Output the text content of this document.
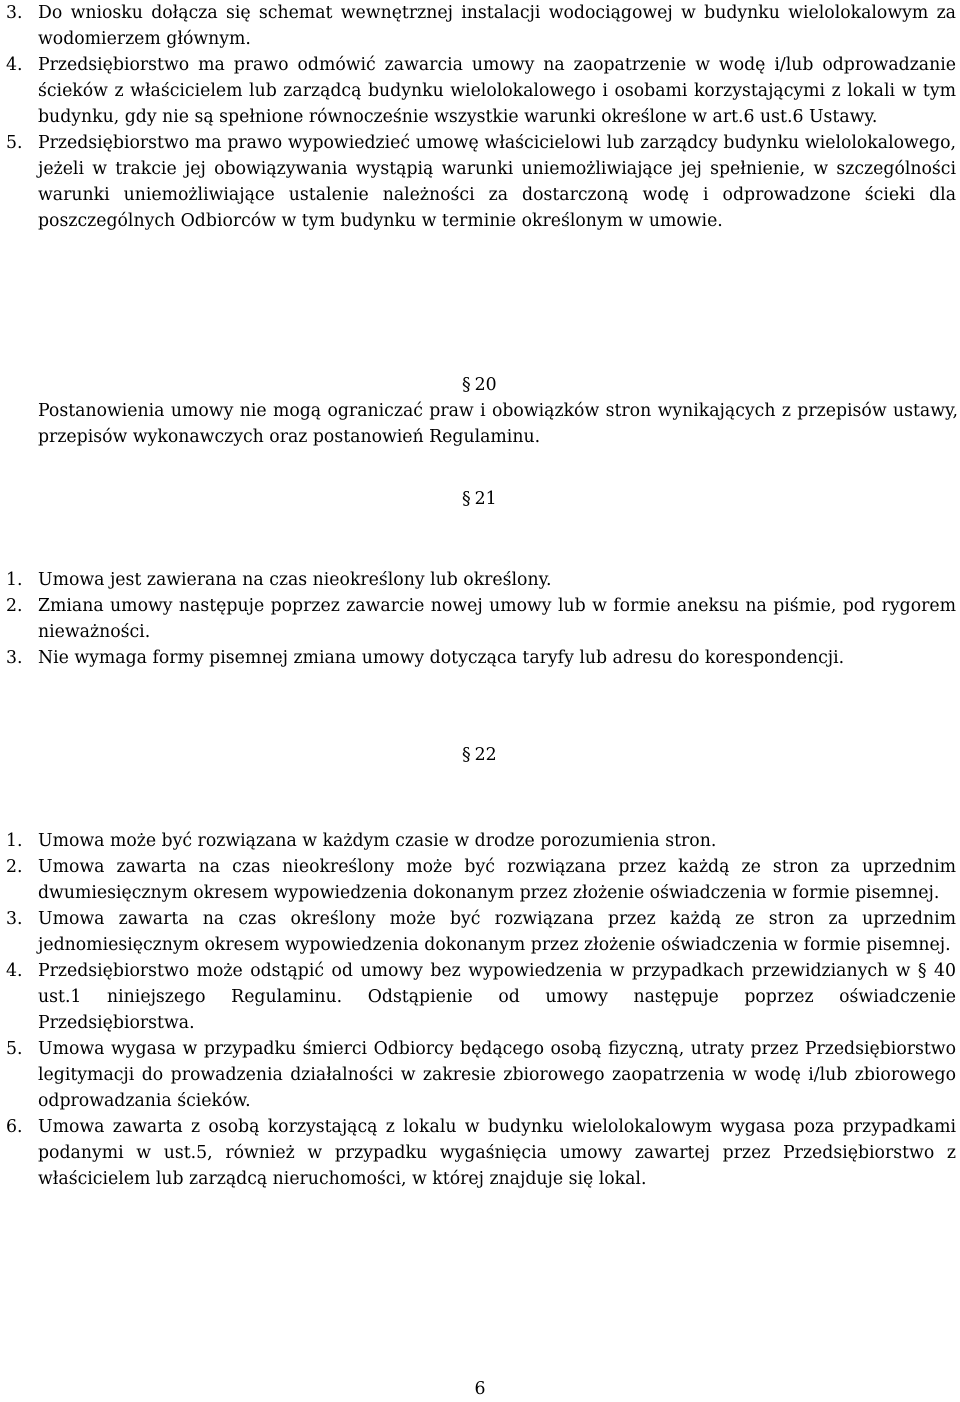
3. Do wniosku dołącza się schemat wewnętrznej instalacji wodociągowej w budynku wielolokalowym za wodomierzem głównym.
4. Przedsiębiorstwo ma prawo odmówić zawarcia umowy na zaopatrzenie w wodę i/lub odprowadzanie ścieków z właścicielem lub zarządcą budynku wielolokalowego i osobami korzystającymi z lokali w tym budynku, gdy nie są spełnione równocześnie wszystkie warunki określone w art.6 ust.6 Ustawy.
5. Przedsiębiorstwo ma prawo wypowiedzieć umowę właścicielowi lub zarządcy budynku wielolokalowego, jeżeli w trakcie jej obowiązywania wystąpią warunki uniemożliwiające jej spełnienie, w szczególności warunki uniemożliwiające ustalenie należności za dostarczoną wodę i odprowadzone ścieki dla poszczególnych Odbiorców w tym budynku w terminie określonym w umowie.
§ 20
Postanowienia umowy nie mogą ograniczać praw i obowiązków stron wynikających z przepisów ustawy, przepisów wykonawczych oraz postanowień Regulaminu.
§ 21
1. Umowa jest zawierana na czas nieokreślony lub określony.
2. Zmiana umowy następuje poprzez zawarcie nowej umowy lub w formie aneksu na piśmie, pod rygorem nieważności.
3. Nie wymaga formy pisemnej zmiana umowy dotycząca taryfy lub adresu do korespondencji.
§ 22
1. Umowa może być rozwiązana w każdym czasie w drodze porozumienia stron.
2. Umowa zawarta na czas nieokreślony może być rozwiązana przez każdą ze stron za uprzednim dwumiesięcznym okresem wypowiedzenia dokonanym przez złożenie oświadczenia w formie pisemnej.
3. Umowa zawarta na czas określony może być rozwiązana przez każdą ze stron za uprzednim jednomiesięcznym okresem wypowiedzenia dokonanym przez złożenie oświadczenia w formie pisemnej.
4. Przedsiębiorstwo może odstąpić od umowy bez wypowiedzenia w przypadkach przewidzianych w § 40 ust.1 niniejszego Regulaminu. Odstąpienie od umowy następuje poprzez oświadczenie Przedsiębiorstwa.
5. Umowa wygasa w przypadku śmierci Odbiorcy będącego osobą fizyczną, utraty przez Przedsiębiorstwo legitymacji do prowadzenia działalności w zakresie zbiorowego zaopatrzenia w wodę i/lub zbiorowego odprowadzania ścieków.
6. Umowa zawarta z osobą korzystającą z lokalu w budynku wielolokalowym wygasa poza przypadkami podanymi w ust.5, również w przypadku wygaśnięcia umowy zawartej przez Przedsiębiorstwo z właścicielem lub zarządcą nieruchomości, w której znajduje się lokal.
6
